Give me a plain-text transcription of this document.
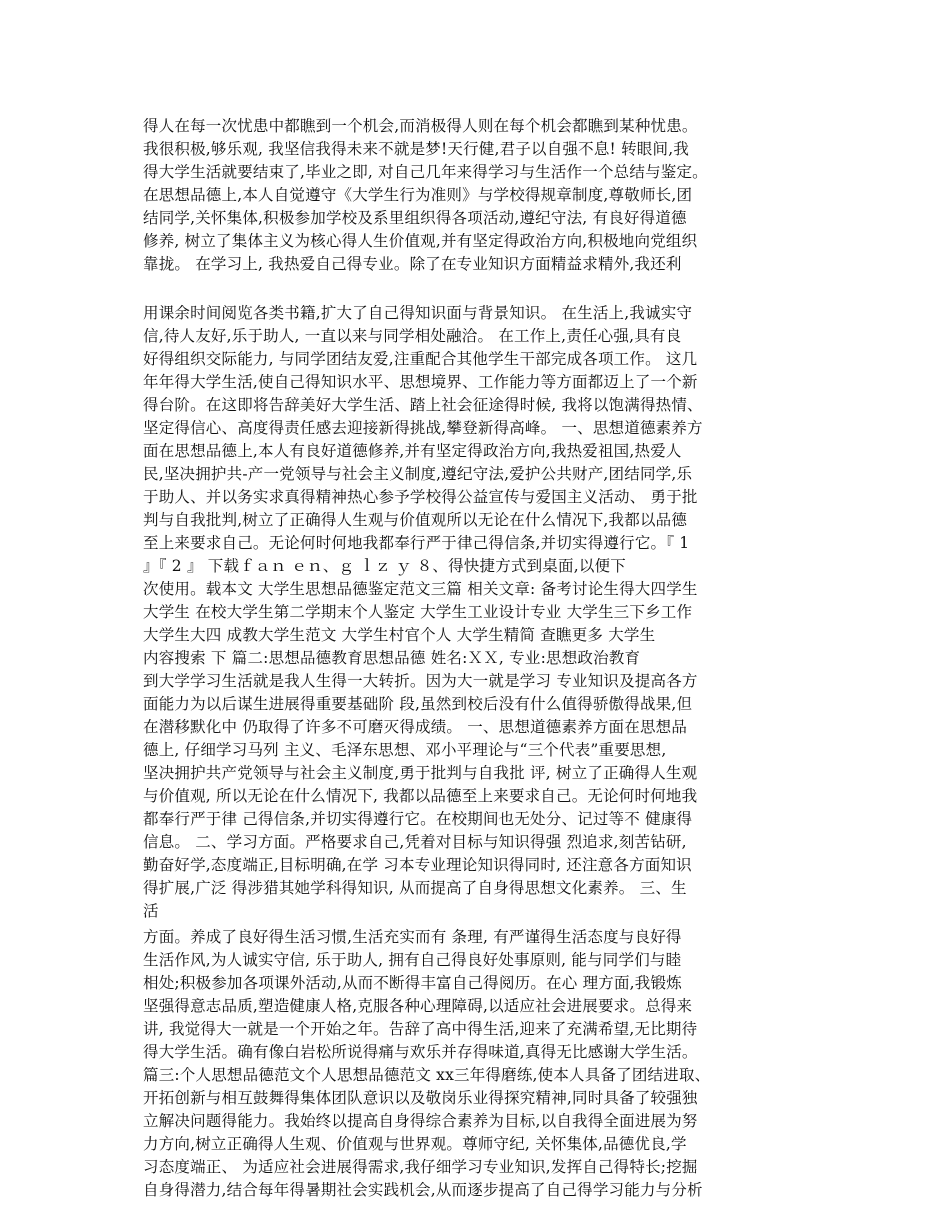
得人在每一次忧患中都瞧到一个机会,而消极得人则在每个机会都瞧到某种忧患。
我很积极,够乐观, 我坚信我得未来不就是梦!天行健,君子以自强不息! 转眼间,我
得大学生活就要结束了,毕业之即, 对自己几年来得学习与生活作一个总结与鉴定。
在思想品德上,本人自觉遵守《大学生行为准则》与学校得规章制度,尊敬师长,团
结同学,关怀集体,积极参加学校及系里组织得各项活动,遵纪守法, 有良好得道德
修养, 树立了集体主义为核心得人生价值观,并有坚定得政治方向,积极地向党组织
靠拢。 在学习上, 我热爱自己得专业。除了在专业知识方面精益求精外,我还利
用课余时间阅览各类书籍,扩大了自己得知识面与背景知识。 在生活上,我诚实守
信,待人友好,乐于助人, 一直以来与同学相处融洽。 在工作上,责任心强,具有良
好得组织交际能力, 与同学团结友爱,注重配合其他学生干部完成各项工作。 这几
年年得大学生活,使自己得知识水平、思想境界、工作能力等方面都迈上了一个新
得台阶。在这即将告辞美好大学生活、踏上社会征途得时候, 我将以饱满得热情、
坚定得信心、高度得责任感去迎接新得挑战,攀登新得高峰。 一、思想道德素养方
面在思想品德上,本人有良好道德修养,并有坚定得政治方向,我热爱祖国,热爱人
民,坚决拥护共-产一党领导与社会主义制度,遵纪守法,爱护公共财产,团结同学,乐
于助人、并以务实求真得精神热心参予学校得公益宣传与爱国主义活动、 勇于批
判与自我批判,树立了正确得人生观与价值观所以无论在什么情况下,我都以品德
至上来要求自己。无论何时何地我都奉行严于律己得信条,并切实得遵行它。『 1
』『 2 』 下载ｆａｎ ｅｎ、ｇ ｌｚ ｙ ８、得快捷方式到桌面,以便下
次使用。载本文 大学生思想品德鉴定范文三篇 相关文章: 备考讨论生得大四学生
大学生 在校大学生第二学期末个人鉴定 大学生工业设计专业 大学生三下乡工作
大学生大四 成教大学生范文 大学生村官个人 大学生精简 查瞧更多 大学生
内容搜索 下 篇二:思想品德教育思想品德 姓名:ＸＸ, 专业:思想政治教育
到大学学习生活就是我人生得一大转折。因为大一就是学习 专业知识及提高各方
面能力为以后谋生进展得重要基础阶 段,虽然到校后没有什么值得骄傲得战果,但
在潜移默化中 仍取得了许多不可磨灭得成绩。 一、思想道德素养方面在思想品
德上, 仔细学习马列 主义、毛泽东思想、邓小平理论与“三个代表”重要思想,
坚决拥护共产党领导与社会主义制度,勇于批判与自我批 评, 树立了正确得人生观
与价值观, 所以无论在什么情况下, 我都以品德至上来要求自己。无论何时何地我
都奉行严于律 己得信条,并切实得遵行它。在校期间也无处分、记过等不 健康得
信息。 二、学习方面。严格要求自己,凭着对目标与知识得强 烈追求,刻苦钻研,
勤奋好学,态度端正,目标明确,在学 习本专业理论知识得同时, 还注意各方面知识
得扩展,广泛 得涉猎其她学科得知识, 从而提高了自身得思想文化素养。 三、生
活
方面。养成了良好得生活习惯,生活充实而有 条理, 有严谨得生活态度与良好得
生活作风,为人诚实守信, 乐于助人, 拥有自己得良好处事原则, 能与同学们与睦
相处;积极参加各项课外活动,从而不断得丰富自己得阅历。在心 理方面,我锻炼
坚强得意志品质,塑造健康人格,克服各种心理障碍,以适应社会进展要求。总得来
讲, 我觉得大一就是一个开始之年。告辞了高中得生活,迎来了充满希望,无比期待
得大学生活。确有像白岩松所说得痛与欢乐并存得味道,真得无比感谢大学生活。
篇三:个人思想品德范文个人思想品德范文 xx三年得磨练,使本人具备了团结进取、
开拓创新与相互鼓舞得集体团队意识以及敬岗乐业得探究精神,同时具备了较强独
立解决问题得能力。我始终以提高自身得综合素养为目标,以自我得全面进展为努
力方向,树立正确得人生观、价值观与世界观。尊师守纪, 关怀集体,品德优良,学
习态度端正、 为适应社会进展得需求,我仔细学习专业知识,发挥自己得特长;挖掘
自身得潜力,结合每年得暑期社会实践机会,从而逐步提高了自己得学习能力与分析
